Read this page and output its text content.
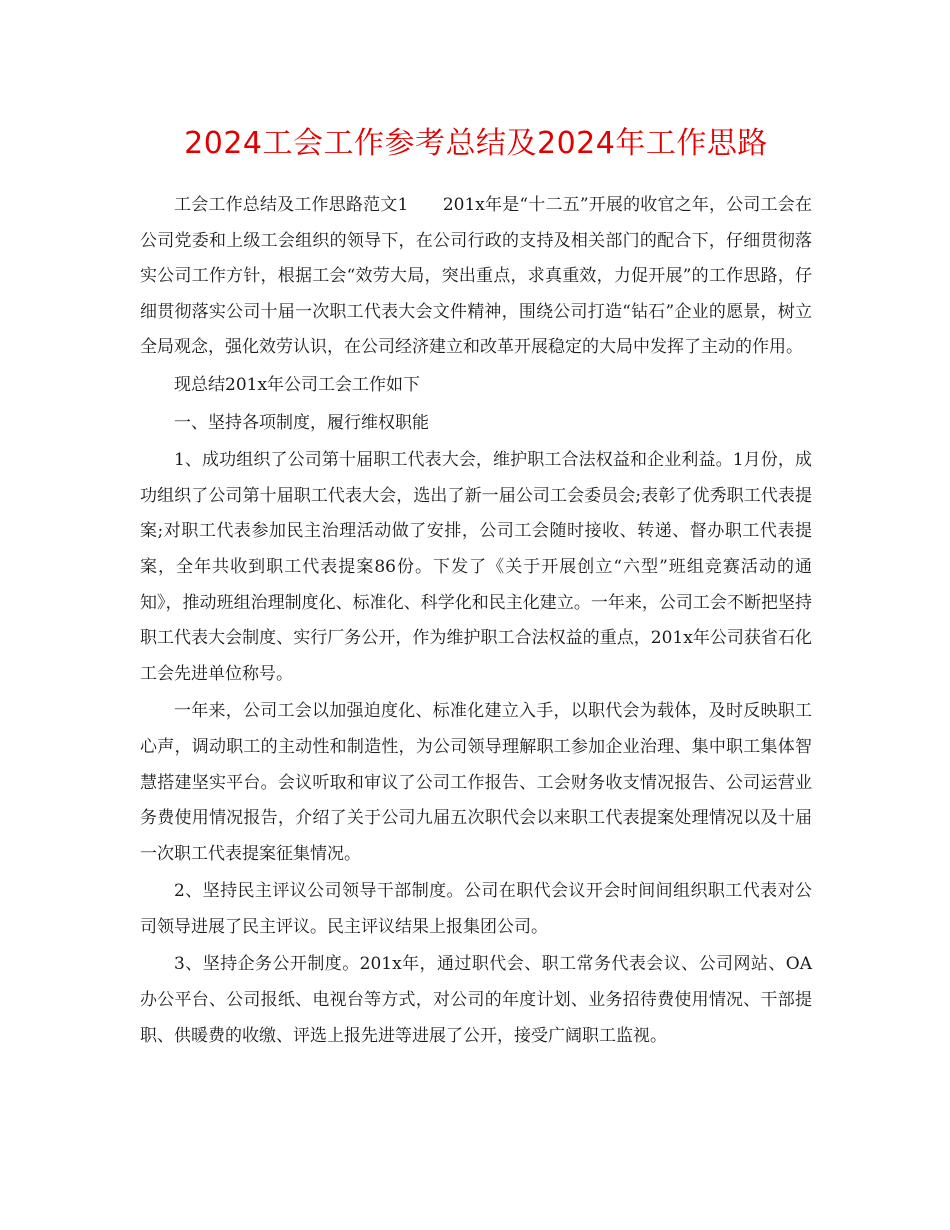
2024工会工作参考总结及2024年工作思路

工会工作总结及工作思路范文1　　201x年是“十二五”开展的收官之年，公司工会在公司党委和上级工会组织的领导下，在公司行政的支持及相关部门的配合下，仔细贯彻落实公司工作方针，根据工会“效劳大局，突出重点，求真重效，力促开展”的工作思路，仔细贯彻落实公司十届一次职工代表大会文件精神，围绕公司打造“钻石”企业的愿景，树立全局观念，强化效劳认识，在公司经济建立和改革开展稳定的大局中发挥了主动的作用。

现总结201x年公司工会工作如下

一、坚持各项制度，履行维权职能

1、成功组织了公司第十届职工代表大会，维护职工合法权益和企业利益。1月份，成功组织了公司第十届职工代表大会，选出了新一届公司工会委员会;表彰了优秀职工代表提案;对职工代表参加民主治理活动做了安排，公司工会随时接收、转递、督办职工代表提案，全年共收到职工代表提案86份。下发了《关于开展创立“六型”班组竞赛活动的通知》，推动班组治理制度化、标准化、科学化和民主化建立。一年来，公司工会不断把坚持职工代表大会制度、实行厂务公开，作为维护职工合法权益的重点，201x年公司获省石化工会先进单位称号。

一年来，公司工会以加强迫度化、标准化建立入手，以职代会为载体，及时反映职工心声，调动职工的主动性和制造性，为公司领导理解职工参加企业治理、集中职工集体智慧搭建坚实平台。会议听取和审议了公司工作报告、工会财务收支情况报告、公司运营业务费使用情况报告，介绍了关于公司九届五次职代会以来职工代表提案处理情况以及十届一次职工代表提案征集情况。

2、坚持民主评议公司领导干部制度。公司在职代会议开会时间间组织职工代表对公司领导进展了民主评议。民主评议结果上报集团公司。

3、坚持企务公开制度。201x年，通过职代会、职工常务代表会议、公司网站、OA办公平台、公司报纸、电视台等方式，对公司的年度计划、业务招待费使用情况、干部提职、供暖费的收缴、评选上报先进等进展了公开，接受广阔职工监视。
